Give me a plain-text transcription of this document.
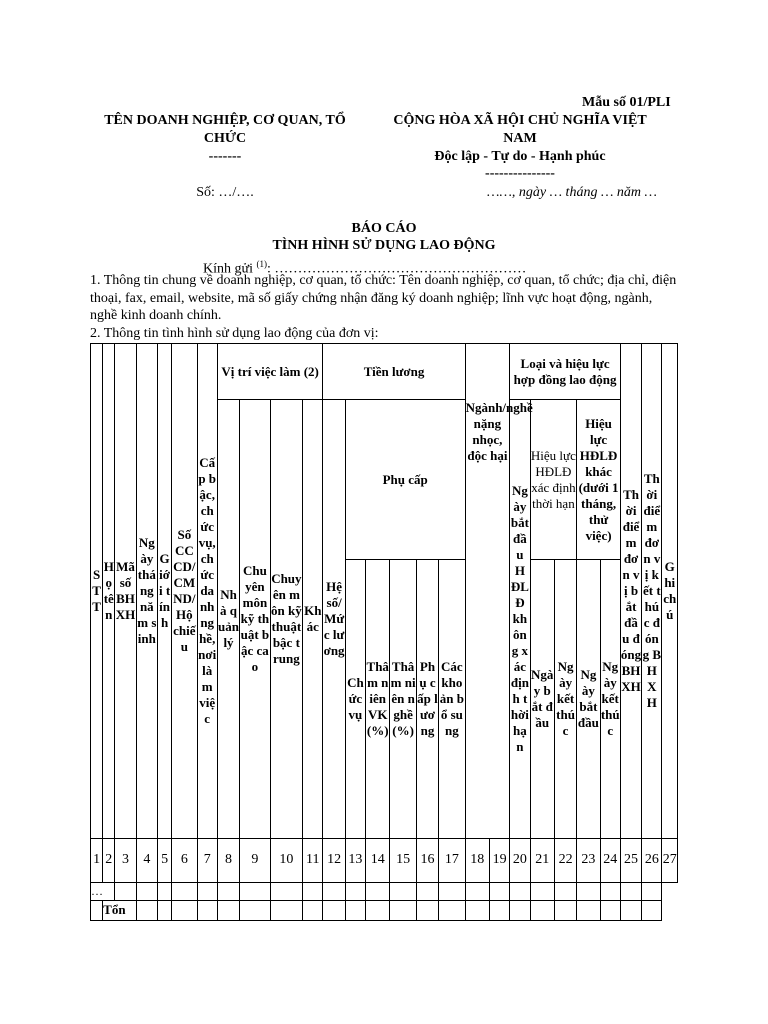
Mẫu số 01/PLI
TÊN DOANH NGHIỆP, CƠ QUAN, TỔ CHỨC
-------
Số: …/….
CỘNG HÒA XÃ HỘI CHỦ NGHĨA VIỆT NAM
Độc lập - Tự do - Hạnh phúc
---------------
……, ngày … tháng … năm …
BÁO CÁO
TÌNH HÌNH SỬ DỤNG LAO ĐỘNG
Kính gửi $^{(1)}$: ………………………………………………
1. Thông tin chung về doanh nghiệp, cơ quan, tổ chức: Tên doanh nghiệp, cơ quan, tổ chức; địa chỉ, điện thoại, fax, email, website, mã số giấy chứng nhận đăng ký doanh nghiệp; lĩnh vực hoạt động, ngành, nghề kinh doanh chính.
2. Thông tin tình hình sử dụng lao động của đơn vị:
STT	Họ tên	Mã số BHXH	Ngày tháng năm sinh	Giới tính	Số CCCD/ CMND/ Hộ chiếu	Cấp bậc, chức vụ, chức danh nghề, nơi làm việc	Vị trí việc làm (2)				Tiền lương						Ngành/nghề nặng nhọc, độc hại		Loại và hiệu lực hợp đồng lao động					Thời điểm đơn vị bắt đầu đóng BHXH	Thời điểm đơn vị kết thúc đóng BHXH	Ghi chú
							Nhà quản lý	Chuyên môn kỹ thuật bậc cao	Chuyên môn kỹ thuật bậc trung	Khác	Hệ số/ Mức lương	Phụ cấp							Ngày bắt đầu HĐLĐ không xác định thời hạn	Hiệu lực HĐLĐ xác định thời hạn		Hiệu lực HĐLĐ khác (dưới 1 tháng, thử việc)				
												Chức vụ	Thâm niên VK (%)	Thâm niên nghề (%)	Phụ cấp lương	Các khoản bổ sung				Ngày bắt đầu	Ngày kết thúc	Ngày bắt đầu	Ngày kết thúc			
1	2	3	4	5	6	7	8	9	10	11	12	13	14	15	16	17	18	19	20	21	22	23	24	25	26	27
…																										
	Tổn																									
